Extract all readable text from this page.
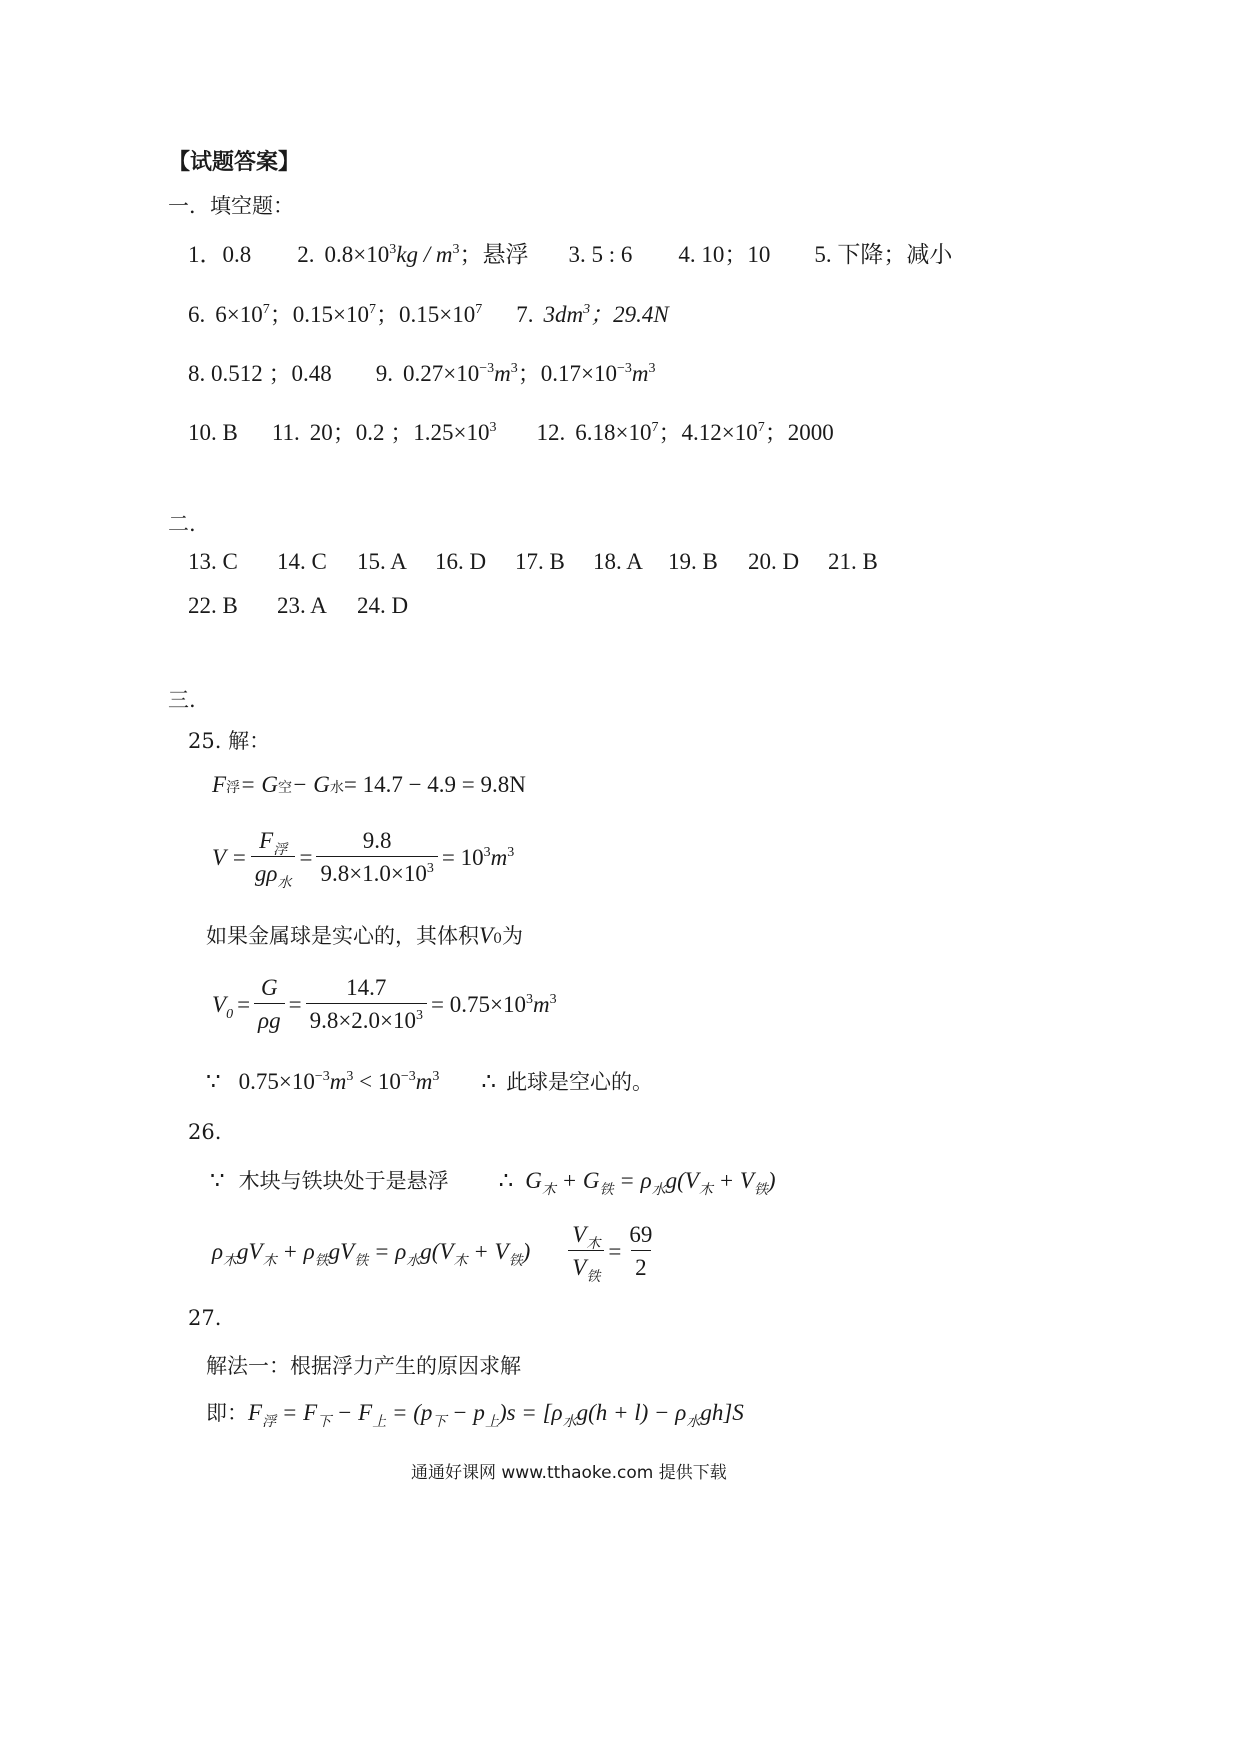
【试题答案】
一．填空题：
1．0.8 2. $0.8\times 10^3kg / m^3$；悬浮 3. 5 : 6 4. 10；10 5. 下降；减小
6. $6\times 10^7$；$0.15\times 10^7$；$0.15\times 10^7$ 7. $3dm^3$；29.4N
8. 0.512 ；0.48 9. $0.27\times 10^{-3}m^3$；$0.17\times 10^{-3}m^3$
10. B 11. 20；0.2 ；$1.25\times 10^3$ 12. $6.18\times 10^7$；$4.12\times 10^7$；2000
二.
13. C	14. C	15. A	16. D	17. B	18. A	19. B	20. D	21. B
22. B	23. A	24. D
三.
25. 解：
F 浮 = G 空 − G 水 = 14.7 − 4.9 = 9.8N
$V = \frac{F_浮}{g\rho_水} = \frac{9.8}{9.8\times 1.0\times 10^3} = 10^3m^3$
如果金属球是实心的，其体积 V 0 为
$V_0 = \frac{G}{\rho g} = \frac{14.7}{9.8\times 2.0\times 10^3} = 0.75\times 10^3m^3$
∵ $0.75\times 10^{-3}m^3 < 10^{-3}m^3$ ∴ 此球是空心的。
26.
∵ 木块与铁块处于是悬浮 ∴ $G_木 + G_铁 = \rho_水g(V_木 + V_铁)$
$\rho_木gV_木 + \rho_铁gV_铁 = \rho_水g(V_木 + V_铁) \frac{V_木}{V_铁} = \frac{69}{2}$
27.
解法一：根据浮力产生的原因求解
即： $F_浮 = F_下 - F_上 = (p_下 - p_上)s = [\rho_水g(h + l) - \rho_水gh]S$
通通好课网 www.tthaoke.com 提供下载
